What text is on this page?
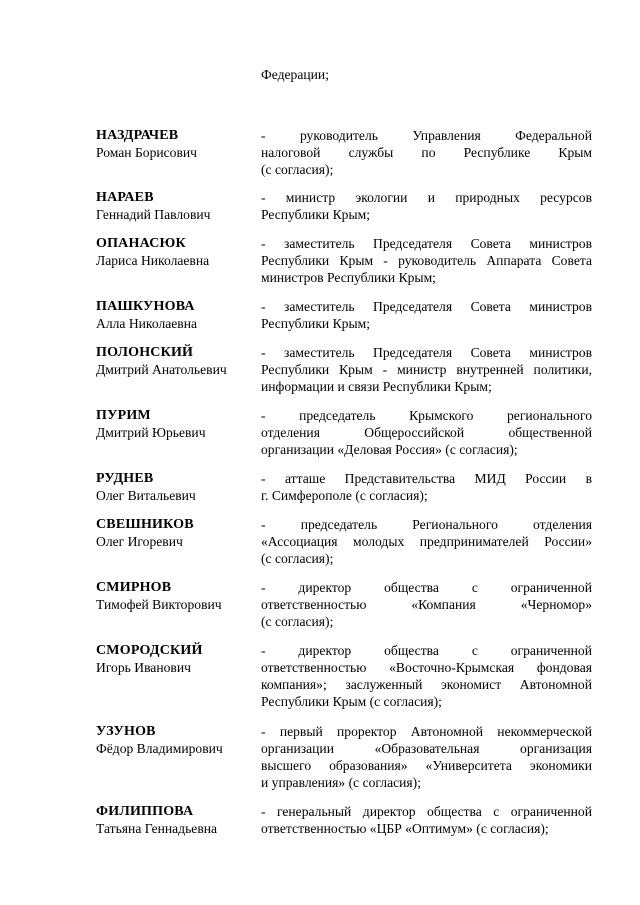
Федерации;
НАЗДРАЧЕВ
Роман Борисович
- руководитель Управления Федеральной
налоговой службы по Республике Крым
(с согласия);
НАРАЕВ
Геннадий Павлович
- министр экологии и природных ресурсов
Республики Крым;
ОПАНАСЮК
Лариса Николаевна
- заместитель Председателя Совета министров
Республики Крым - руководитель Аппарата Совета
министров Республики Крым;
ПАШКУНОВА
Алла Николаевна
- заместитель Председателя Совета министров
Республики Крым;
ПОЛОНСКИЙ
Дмитрий Анатольевич
- заместитель Председателя Совета министров
Республики Крым - министр внутренней политики,
информации и связи Республики Крым;
ПУРИМ
Дмитрий Юрьевич
- председатель Крымского регионального
отделения Общероссийской общественной
организации «Деловая Россия» (с согласия);
РУДНЕВ
Олег Витальевич
- атташе Представительства МИД России в
г. Симферополе (с согласия);
СВЕШНИКОВ
Олег Игоревич
- председатель Регионального отделения
«Ассоциация молодых предпринимателей России»
(с согласия);
СМИРНОВ
Тимофей Викторович
- директор общества с ограниченной
ответственностью «Компания «Черномор»
(с согласия);
СМОРОДСКИЙ
Игорь Иванович
- директор общества с ограниченной
ответственностью «Восточно-Крымская фондовая
компания»; заслуженный экономист Автономной
Республики Крым (с согласия);
УЗУНОВ
Фёдор Владимирович
- первый проректор Автономной некоммерческой
организации «Образовательная организация
высшего образования» «Университета экономики
и управления» (с согласия);
ФИЛИППОВА
Татьяна Геннадьевна
- генеральный директор общества с ограниченной
ответственностью «ЦБР «Оптимум» (с согласия);
